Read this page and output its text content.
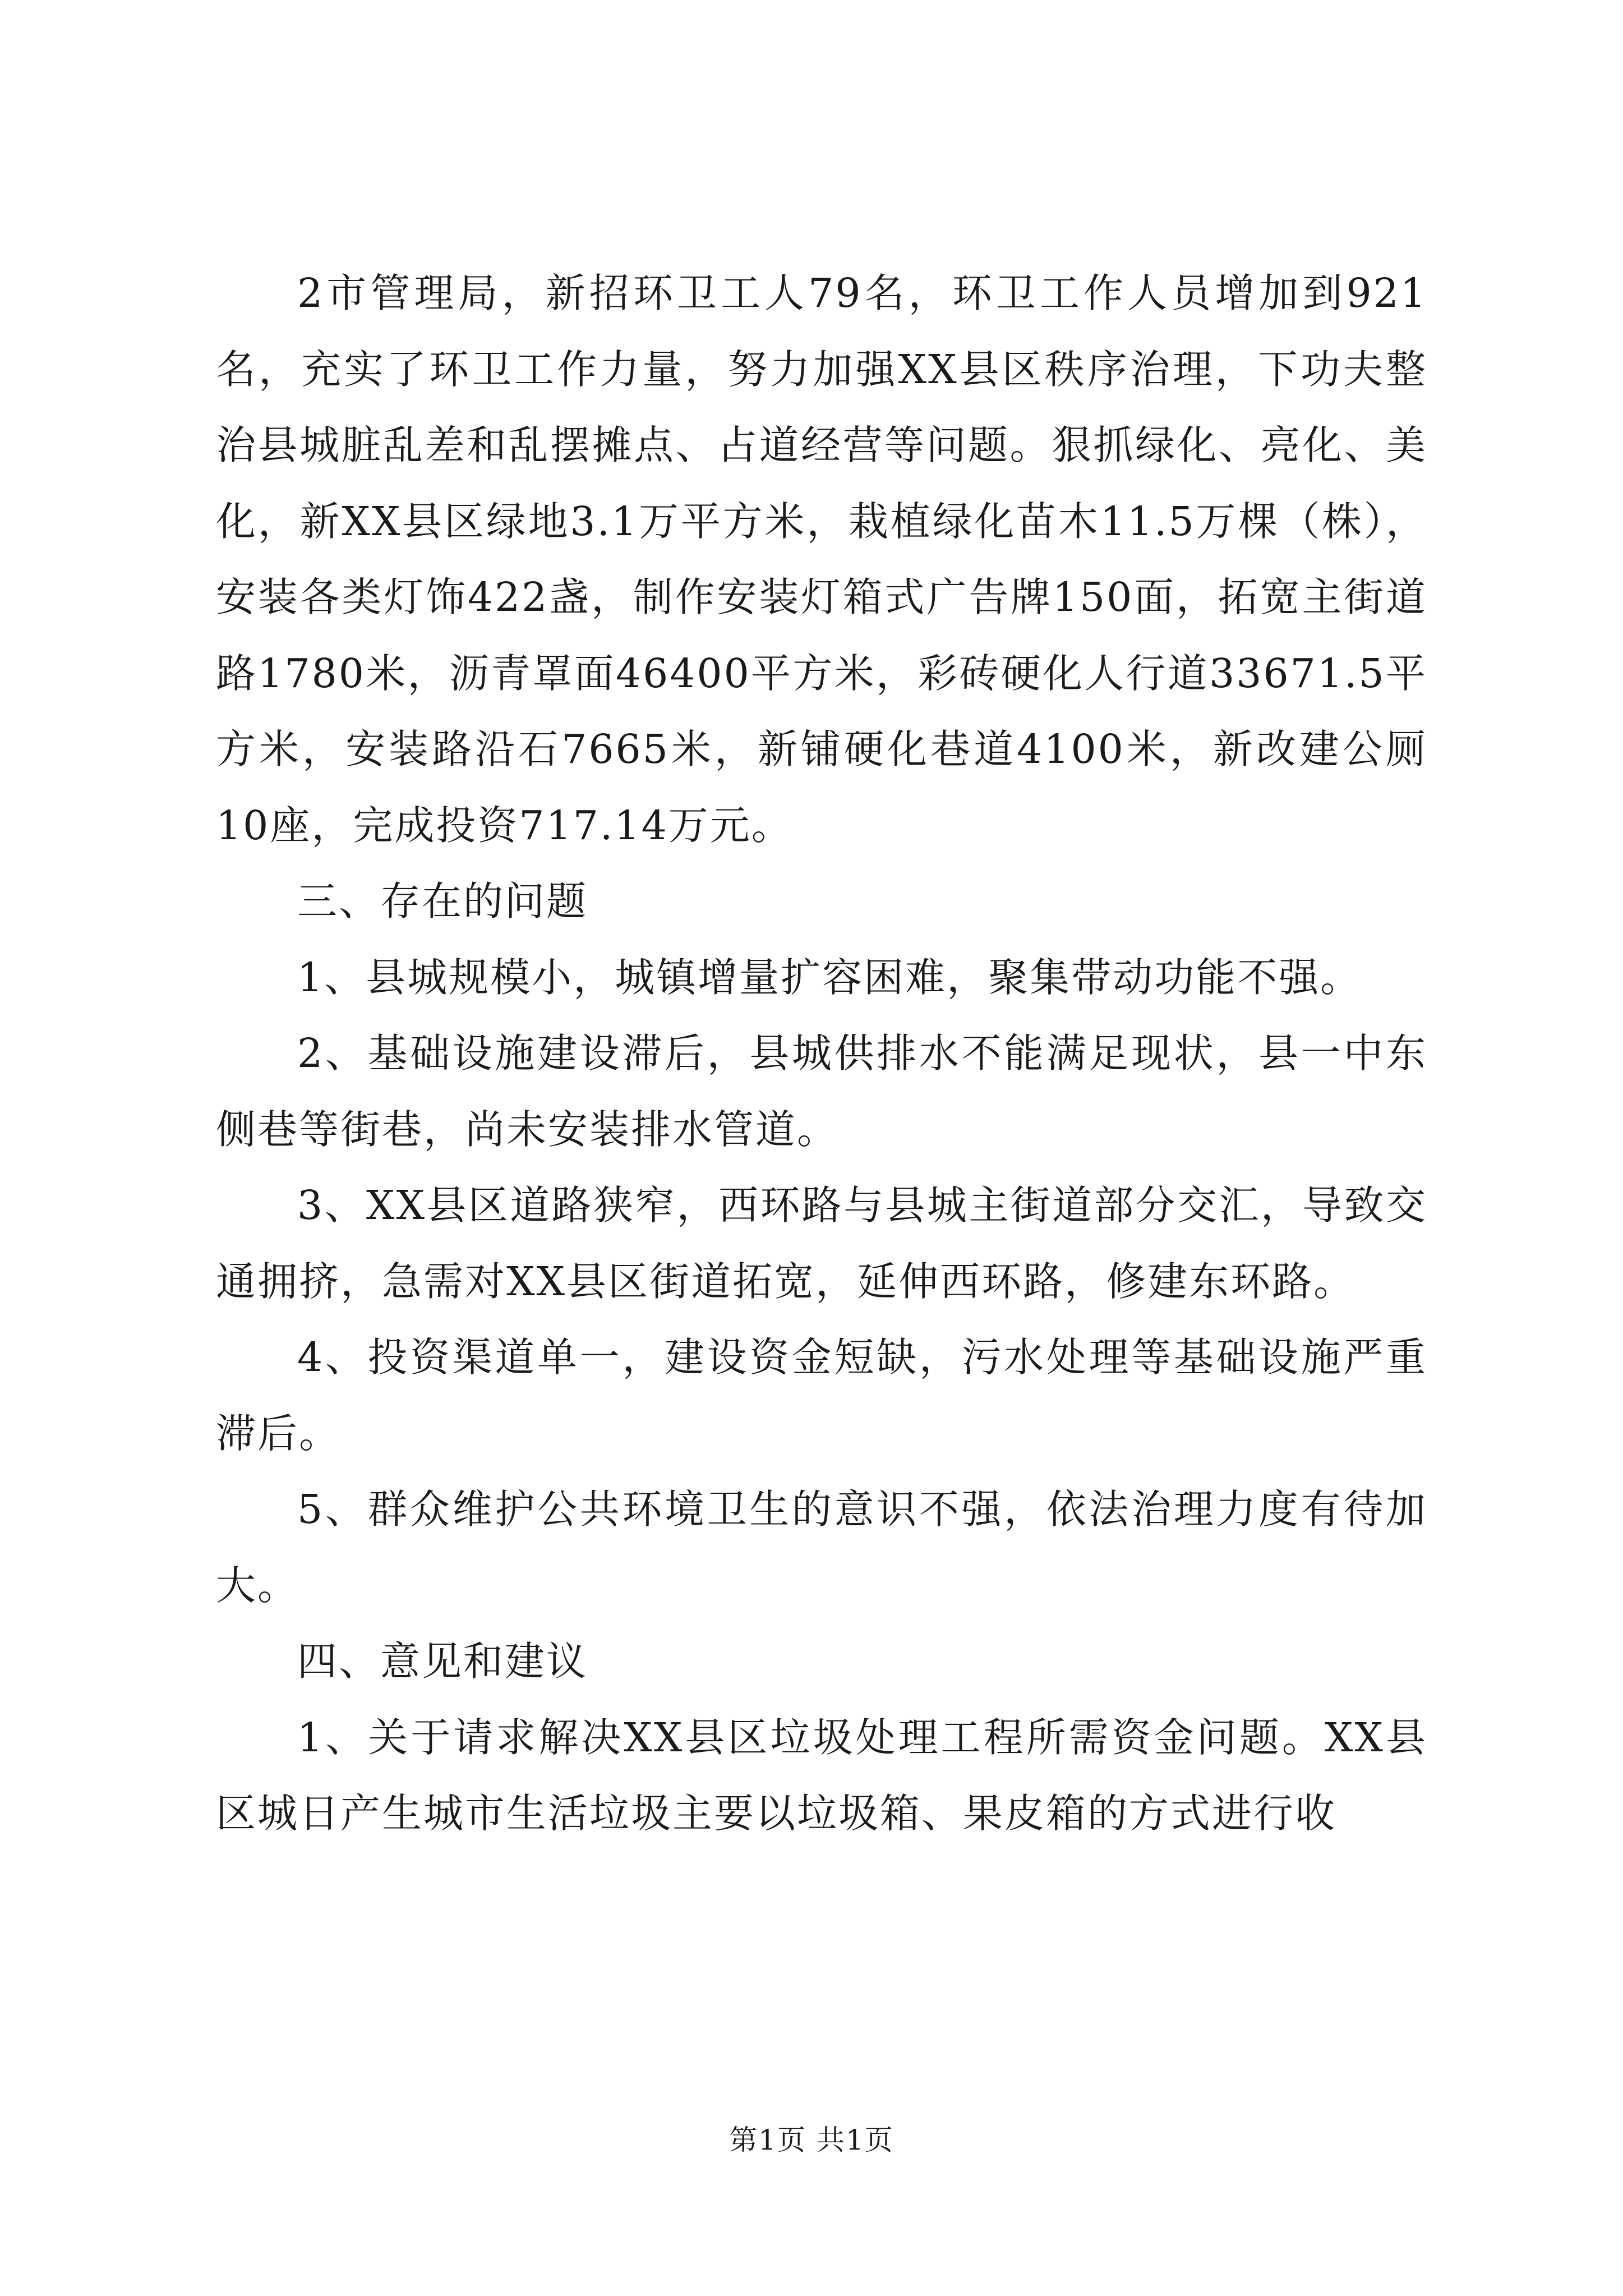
2市管理局，新招环卫工人79名，环卫工作人员增加到921名，充实了环卫工作力量，努力加强XX县区秩序治理，下功夫整治县城脏乱差和乱摆摊点、占道经营等问题。狠抓绿化、亮化、美化，新XX县区绿地3.1万平方米，栽植绿化苗木11.5万棵（株），安装各类灯饰422盏，制作安装灯箱式广告牌150面，拓宽主街道路1780米，沥青罩面46400平方米，彩砖硬化人行道33671.5平方米，安装路沿石7665米，新铺硬化巷道4100米，新改建公厕10座，完成投资717.14万元。

三、存在的问题

1、县城规模小，城镇增量扩容困难，聚集带动功能不强。

2、基础设施建设滞后，县城供排水不能满足现状，县一中东侧巷等街巷，尚未安装排水管道。

3、XX县区道路狭窄，西环路与县城主街道部分交汇，导致交通拥挤，急需对XX县区街道拓宽，延伸西环路，修建东环路。

4、投资渠道单一，建设资金短缺，污水处理等基础设施严重滞后。

5、群众维护公共环境卫生的意识不强，依法治理力度有待加大。

四、意见和建议

1、关于请求解决XX县区垃圾处理工程所需资金问题。XX县区城日产生城市生活垃圾主要以垃圾箱、果皮箱的方式进行收

第1页 共1页
